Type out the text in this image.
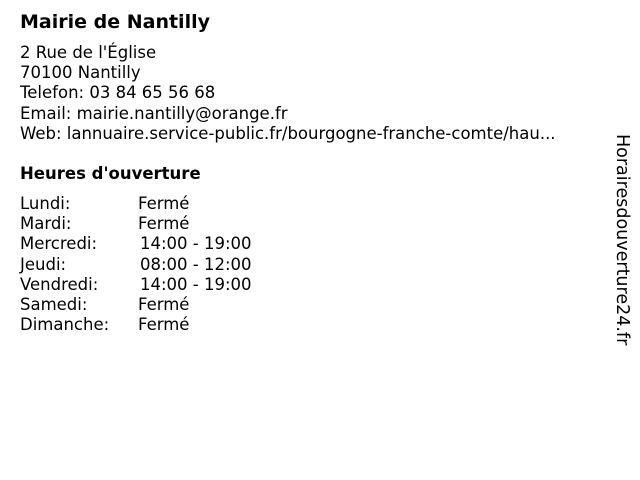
Mairie de Nantilly
2 Rue de l'Église
70100 Nantilly
Telefon: 03 84 65 56 68
Email: mairie.nantilly@orange.fr
Web: lannuaire.service-public.fr/bourgogne-franche-comte/hau...
Heures d'ouverture
Lundi:	Fermé
Mardi:	Fermé
Mercredi:	14:00 - 19:00
Jeudi:	08:00 - 12:00
Vendredi:	14:00 - 19:00
Samedi:	Fermé
Dimanche: Fermé	Horairesdouverture24.fr
